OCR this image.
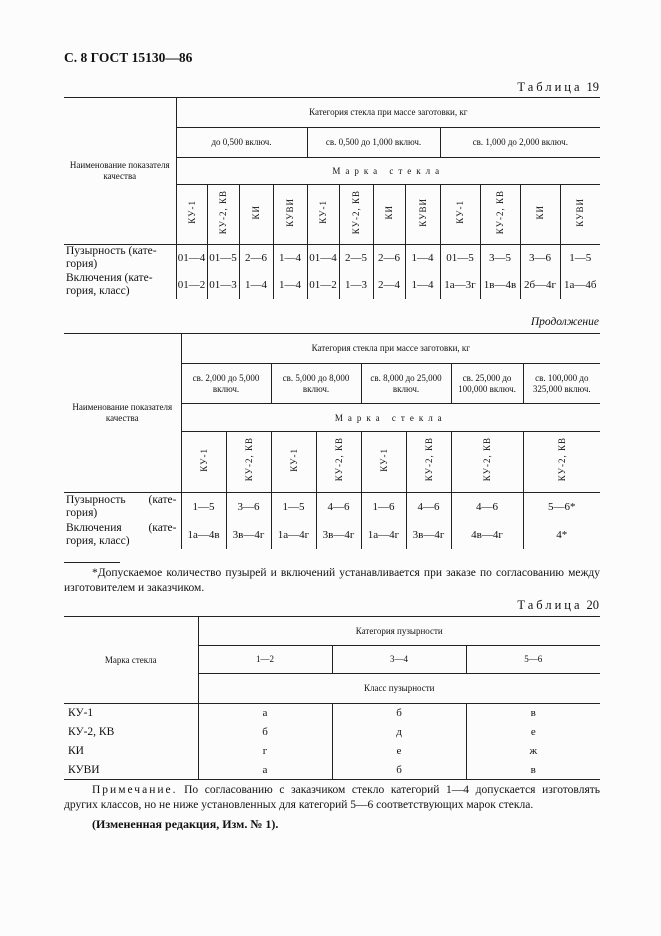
С. 8 ГОСТ 15130—86
Таблица 19
Наименование показателя качества	Категория стекла при массе заготовки, кг											
	до 0,500 включ.				св. 0,500 до 1,000 включ.				св. 1,000 до 2,000 включ.			
	Марка стекла											
	КУ-1	КУ-2, КВ	КИ	КУВИ	КУ-1	КУ-2, КВ	КИ	КУВИ	КУ-1	КУ-2, КВ	КИ	КУВИ

Пузырность (кате-
гория)	01—4	01—5	2—6	1—4	01—4	2—5	2—6	1—4	01—5	3—5	3—6	1—5

Включения (кате-
гория, класс)	01—2	01—3	1—4	1—4	01—2	1—3	2—4	1—4	1а—3г	1в—4в	2б—4г	1а—4б
Продолжение
Наименование показателя качества	Категория стекла при массе заготовки, кг							
	св. 2,000 до 5,000 включ.		св. 5,000 до 8,000 включ.		св. 8,000 до 25,000 включ.		св. 25,000 до 100,000 включ.	св. 100,000 до 325,000 включ.
	Марка стекла							
	КУ-1	КУ-2, КВ	КУ-1	КУ-2, КВ	КУ-1	КУ-2, КВ	КУ-2, КВ	КУ-2, КВ

Пузырность (кате-
гория)	1—5	3—6	1—5	4—6	1—6	4—6	4—6	5—6*

Включения (кате-
гория, класс)	1а—4в	3в—4г	1а—4г	3в—4г	1а—4г	3в—4г	4в—4г	4*
*Допускаемое количество пузырей и включений устанавливается при заказе по согласованию между изготовителем и заказчиком.
Таблица 20
Марка стекла	Категория пузырности		
	1—2	3—4	5—6
	Класс пузырности		
КУ-1	а	б	в
КУ-2, КВ	б	д	е
КИ	г	е	ж
КУВИ	а	б	в
Примечание. По согласованию с заказчиком стекло категорий 1—4 допускается изготовлять других классов, но не ниже установленных для категорий 5—6 соответствующих марок стекла.
(Измененная редакция, Изм. № 1).
